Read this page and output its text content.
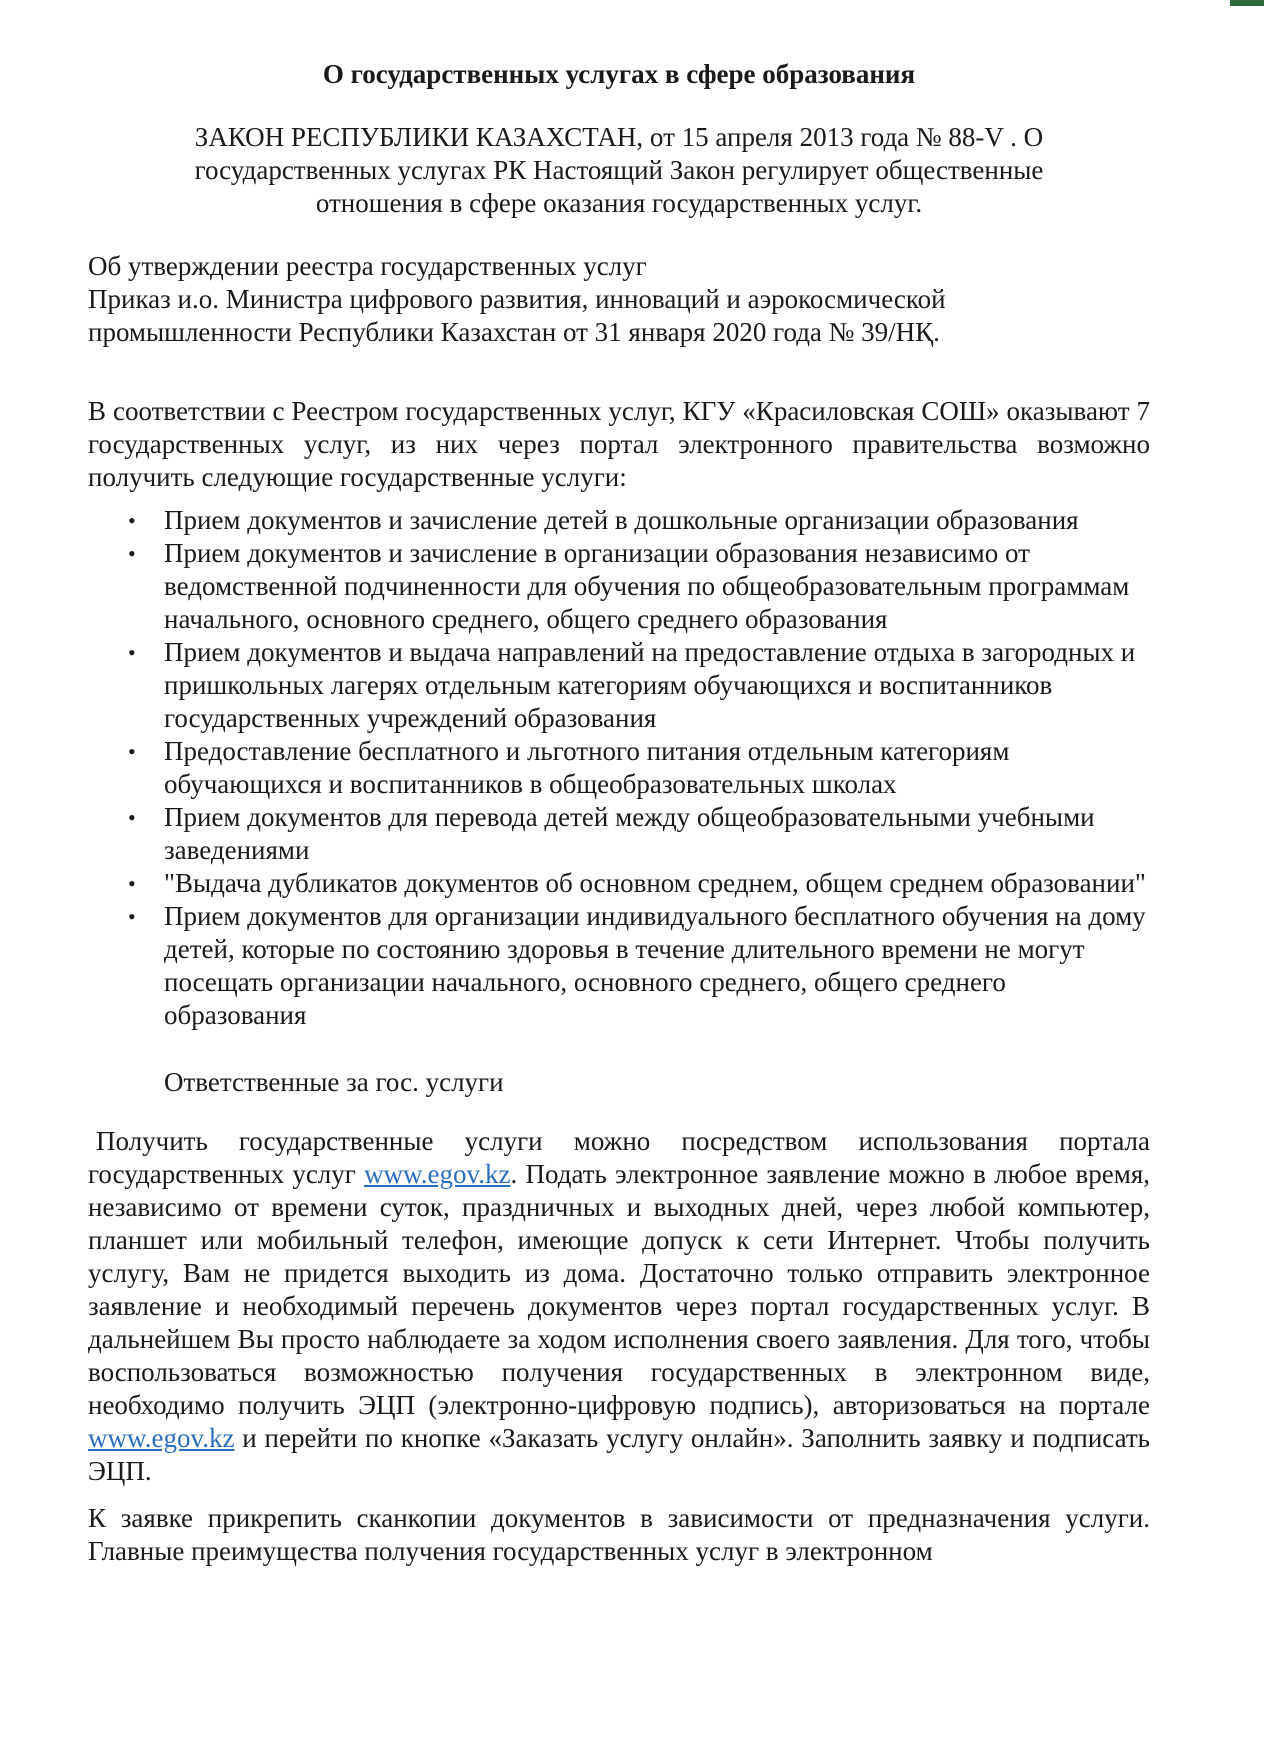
О государственных услугах в сфере образования
ЗАКОН РЕСПУБЛИКИ КАЗАХСТАН, от 15 апреля 2013 года № 88-V . О государственных услугах РК Настоящий Закон регулирует общественные отношения в сфере оказания государственных услуг.
Об утверждении реестра государственных услуг
Приказ и.о. Министра цифрового развития, инноваций и аэрокосмической
промышленности Республики Казахстан от 31 января 2020 года № 39/НҚ.
В соответствии с Реестром государственных услуг, КГУ «Красиловская СОШ» оказывают 7 государственных услуг, из них через портал электронного правительства возможно получить следующие государственные услуги:
• Прием документов и зачисление детей в дошкольные организации образования
• Прием документов и зачисление в организации образования независимо от ведомственной подчиненности для обучения по общеобразовательным программам начального, основного среднего, общего среднего образования
• Прием документов и выдача направлений на предоставление отдыха в загородных и пришкольных лагерях отдельным категориям обучающихся и воспитанников государственных учреждений образования
• Предоставление бесплатного и льготного питания отдельным категориям обучающихся и воспитанников в общеобразовательных школах
• Прием документов для перевода детей между общеобразовательными учебными заведениями
• "Выдача дубликатов документов об основном среднем, общем среднем образовании"
• Прием документов для организации индивидуального бесплатного обучения на дому детей, которые по состоянию здоровья в течение длительного времени не могут посещать организации начального, основного среднего, общего среднего образования
Ответственные за гос. услуги
Получить государственные услуги можно посредством использования портала государственных услуг www.egov.kz. Подать электронное заявление можно в любое время, независимо от времени суток, праздничных и выходных дней, через любой компьютер, планшет или мобильный телефон, имеющие допуск к сети Интернет. Чтобы получить услугу, Вам не придется выходить из дома. Достаточно только отправить электронное заявление и необходимый перечень документов через портал государственных услуг. В дальнейшем Вы просто наблюдаете за ходом исполнения своего заявления. Для того, чтобы воспользоваться возможностью получения государственных в электронном виде, необходимо получить ЭЦП (электронно-цифровую подпись), авторизоваться на портале www.egov.kz и перейти по кнопке «Заказать услугу онлайн». Заполнить заявку и подписать ЭЦП.
К заявке прикрепить сканкопии документов в зависимости от предназначения услуги. Главные преимущества получения государственных услуг в электронном
